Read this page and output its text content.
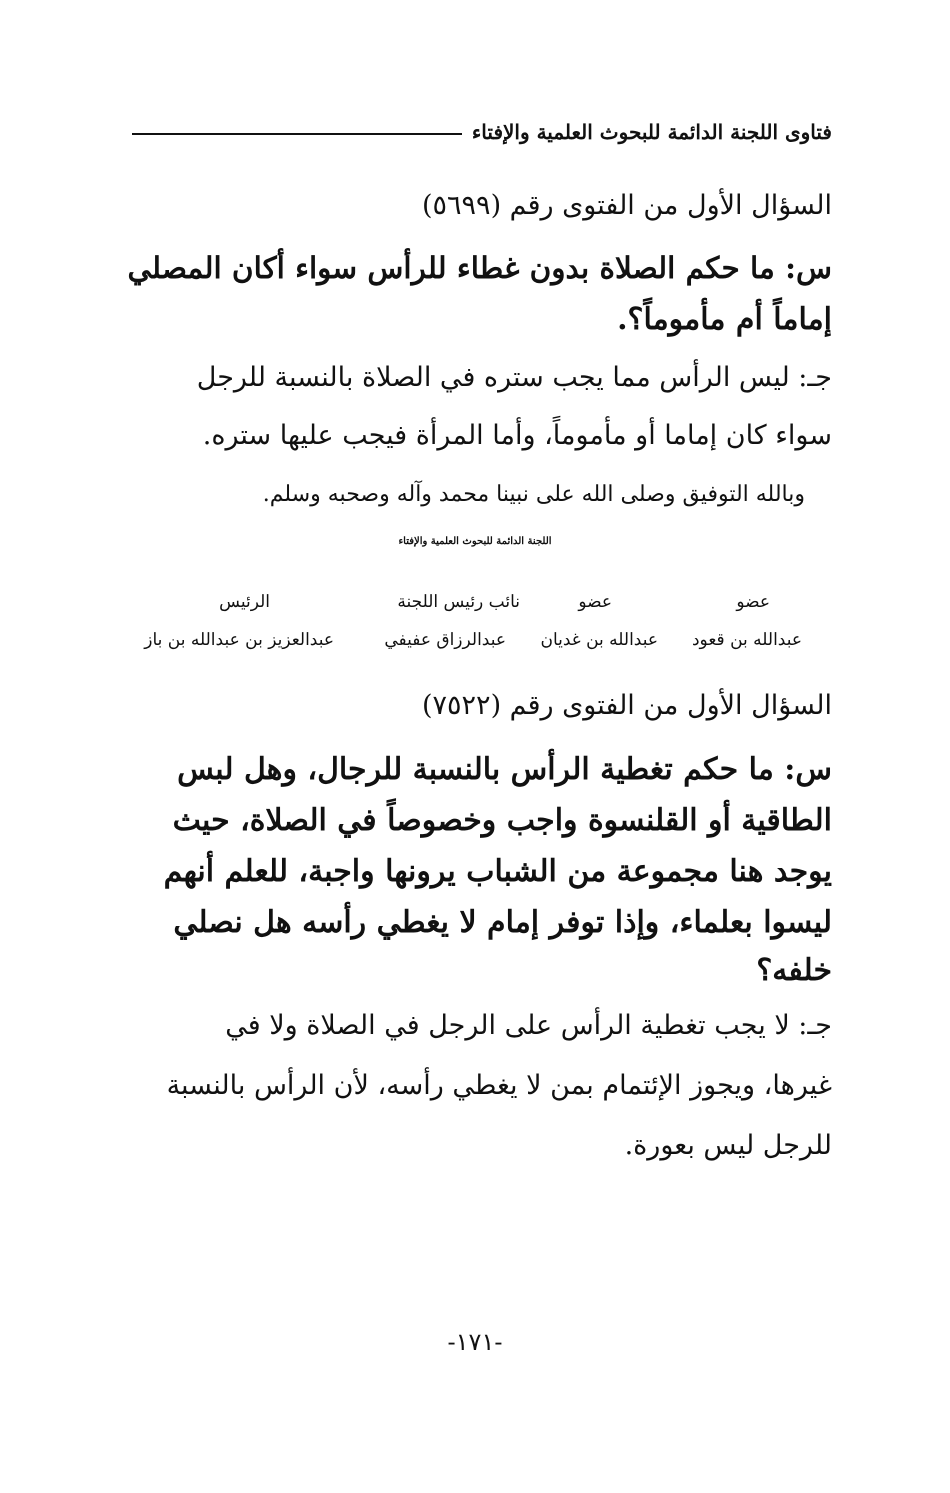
فتاوى اللجنة الدائمة للبحوث العلمية والإفتاء
السؤال الأول من الفتوى رقم (٥٦٩٩)
س: ما حكم الصلاة بدون غطاء للرأس سواء أكان المصلي
إماماً أم مأموماً؟.
جـ: ليس الرأس مما يجب ستره في الصلاة بالنسبة للرجل
سواء كان إماما أو مأموماً، وأما المرأة فيجب عليها ستره.
وبالله التوفيق وصلى الله على نبينا محمد وآله وصحبه وسلم.
اللجنة الدائمة للبحوث العلمية والإفتاء
عضو
عضو
نائب رئيس اللجنة
الرئيس
عبدالله بن قعود
عبدالله بن غديان
عبدالرزاق عفيفي
عبدالعزيز بن عبدالله بن باز
السؤال الأول من الفتوى رقم (٧٥٢٢)
س: ما حكم تغطية الرأس بالنسبة للرجال، وهل لبس
الطاقية أو القلنسوة واجب وخصوصاً في الصلاة، حيث
يوجد هنا مجموعة من الشباب يرونها واجبة، للعلم أنهم
ليسوا بعلماء، وإذا توفر إمام لا يغطي رأسه هل نصلي
خلفه؟
جـ: لا يجب تغطية الرأس على الرجل في الصلاة ولا في
غيرها، ويجوز الإئتمام بمن لا يغطي رأسه، لأن الرأس بالنسبة
للرجل ليس بعورة.
-١٧١-
